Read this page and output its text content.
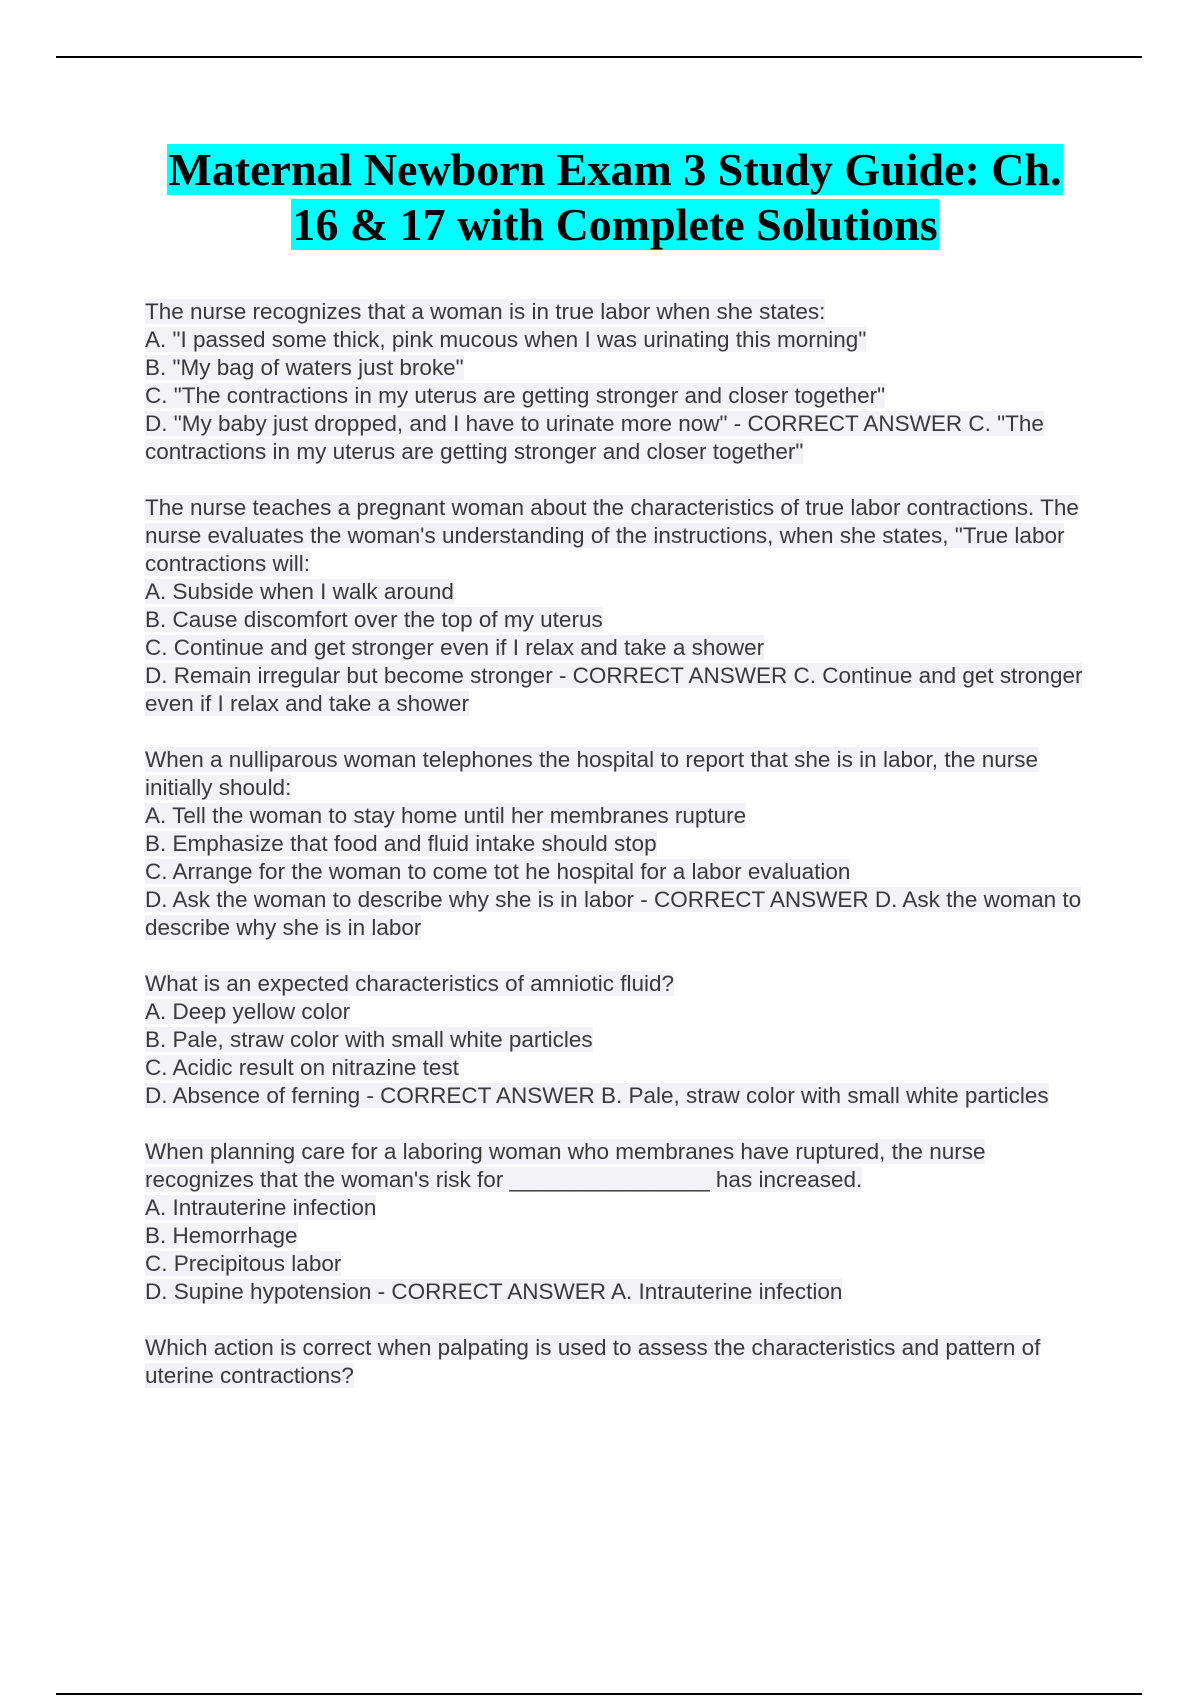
Maternal Newborn Exam 3 Study Guide: Ch.
16 & 17 with Complete Solutions

The nurse recognizes that a woman is in true labor when she states:

A. "I passed some thick, pink mucous when I was urinating this morning"

B. "My bag of waters just broke"

C. "The contractions in my uterus are getting stronger and closer together"

D. "My baby just dropped, and I have to urinate more now" - CORRECT ANSWER C. "The contractions in my uterus are getting stronger and closer together"

The nurse teaches a pregnant woman about the characteristics of true labor contractions. The nurse evaluates the woman's understanding of the instructions, when she states, "True labor contractions will:

A. Subside when I walk around

B. Cause discomfort over the top of my uterus

C. Continue and get stronger even if I relax and take a shower

D. Remain irregular but become stronger - CORRECT ANSWER C. Continue and get stronger even if I relax and take a shower

When a nulliparous woman telephones the hospital to report that she is in labor, the nurse initially should:

A. Tell the woman to stay home until her membranes rupture

B. Emphasize that food and fluid intake should stop

C. Arrange for the woman to come tot he hospital for a labor evaluation

D. Ask the woman to describe why she is in labor - CORRECT ANSWER D. Ask the woman to describe why she is in labor

What is an expected characteristics of amniotic fluid?

A. Deep yellow color

B. Pale, straw color with small white particles

C. Acidic result on nitrazine test

D. Absence of ferning - CORRECT ANSWER B. Pale, straw color with small white particles

When planning care for a laboring woman who membranes have ruptured, the nurse recognizes that the woman's risk for ________________ has increased.

A. Intrauterine infection

B. Hemorrhage

C. Precipitous labor

D. Supine hypotension - CORRECT ANSWER A. Intrauterine infection

Which action is correct when palpating is used to assess the characteristics and pattern of uterine contractions?
